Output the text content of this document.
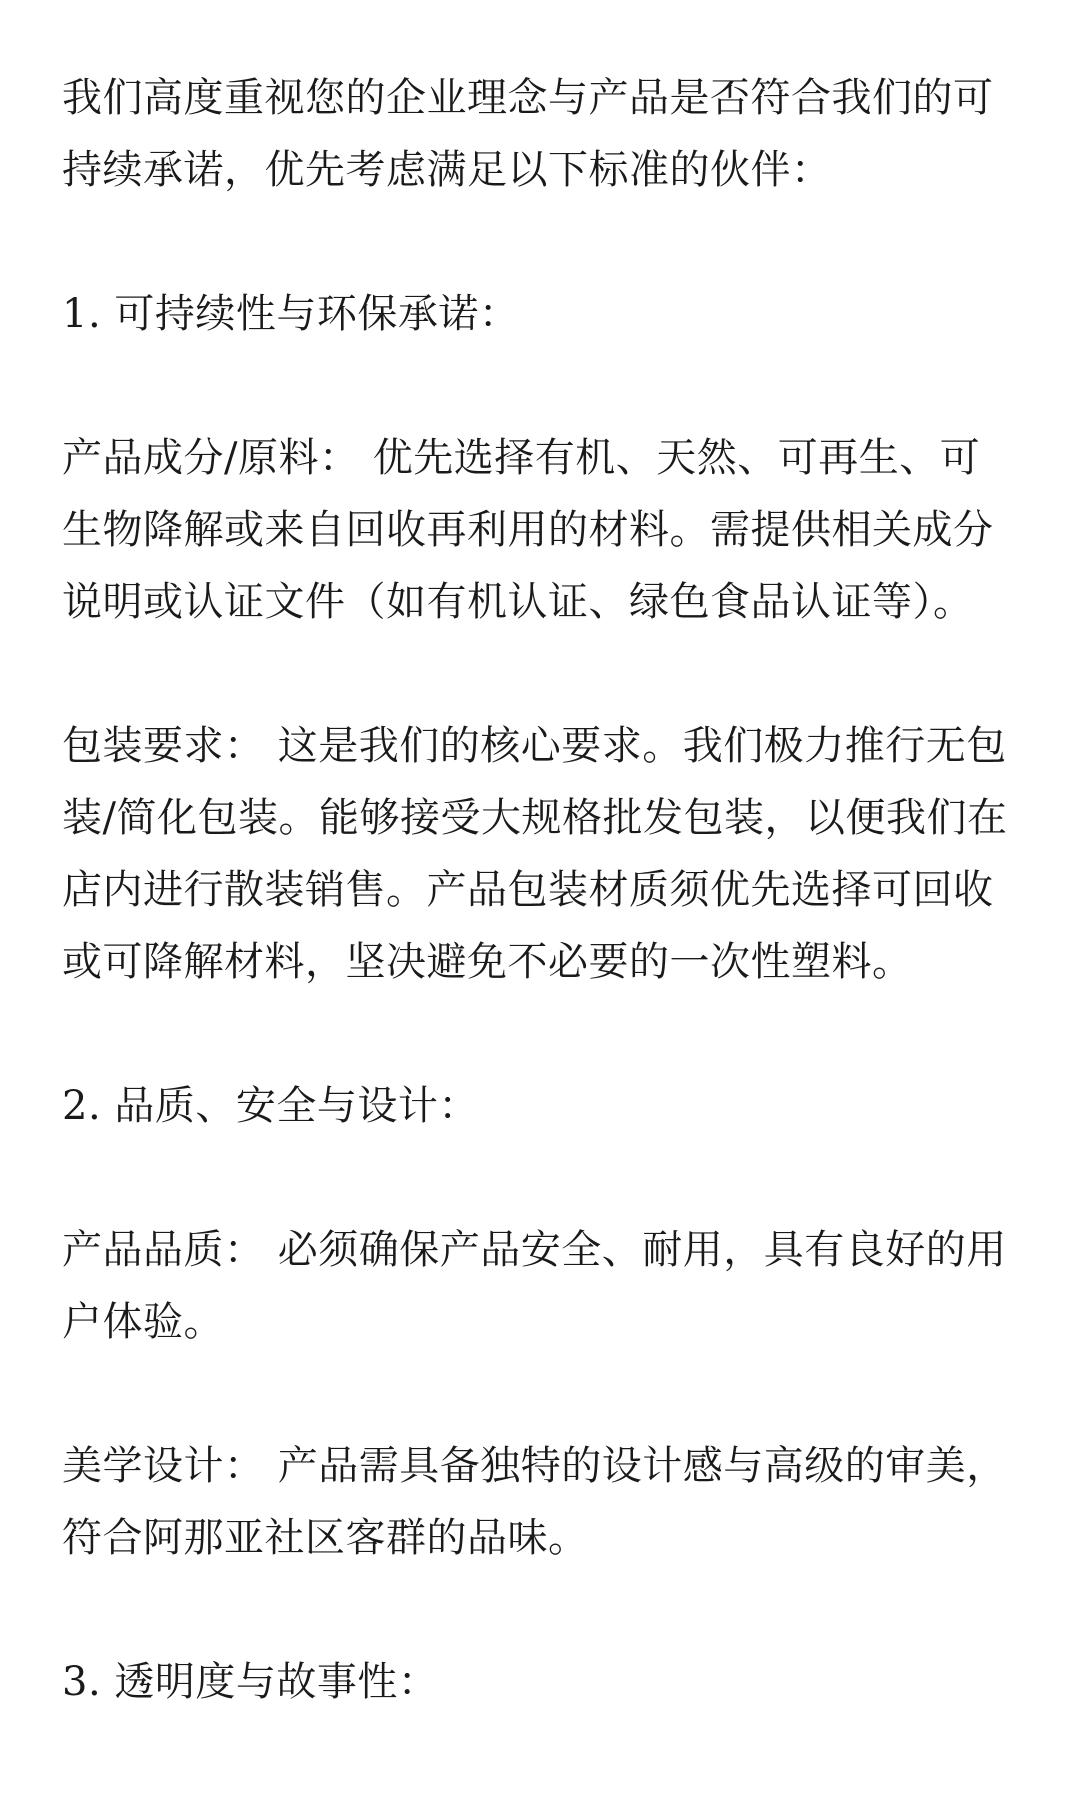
我们高度重视您的企业理念与产品是否符合我们的可
持续承诺，优先考虑满足以下标准的伙伴：

1. 可持续性与环保承诺：

产品成分/原料： 优先选择有机、天然、可再生、可
生物降解或来自回收再利用的材料。需提供相关成分
说明或认证文件（如有机认证、绿色食品认证等）。

包装要求： 这是我们的核心要求。我们极力推行无包
装/简化包装。能够接受大规格批发包装，以便我们在
店内进行散装销售。产品包装材质须优先选择可回收
或可降解材料，坚决避免不必要的一次性塑料。

2. 品质、安全与设计：

产品品质： 必须确保产品安全、耐用，具有良好的用
户体验。

美学设计： 产品需具备独特的设计感与高级的审美，
符合阿那亚社区客群的品味。

3. 透明度与故事性：
